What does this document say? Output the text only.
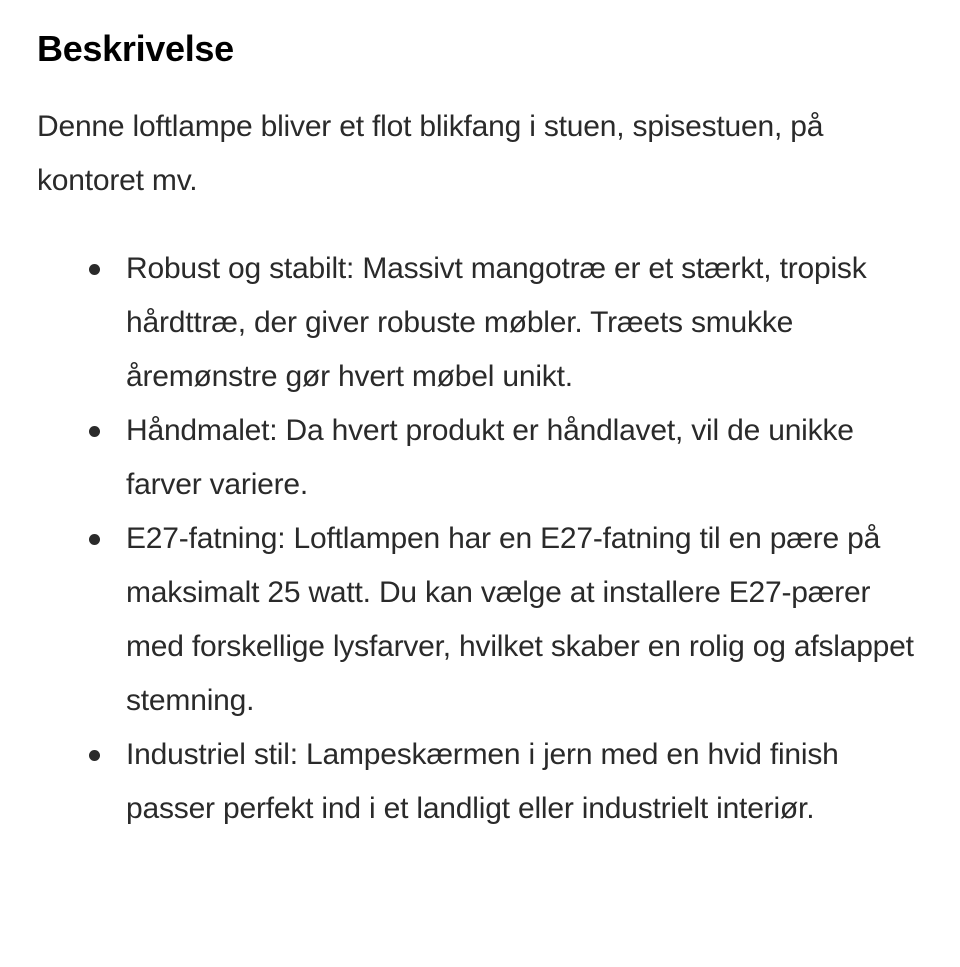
Beskrivelse

Denne loftlampe bliver et flot blikfang i stuen, spisestuen, på kontoret mv.

Robust og stabilt: Massivt mangotræ er et stærkt, tropisk hårdttræ, der giver robuste møbler. Træets smukke åremønstre gør hvert møbel unikt.
Håndmalet: Da hvert produkt er håndlavet, vil de unikke farver variere.
E27-fatning: Loftlampen har en E27-fatning til en pære på maksimalt 25 watt. Du kan vælge at installere E27-pærer med forskellige lysfarver, hvilket skaber en rolig og afslappet stemning.
Industriel stil: Lampeskærmen i jern med en hvid finish passer perfekt ind i et landligt eller industrielt interiør.
